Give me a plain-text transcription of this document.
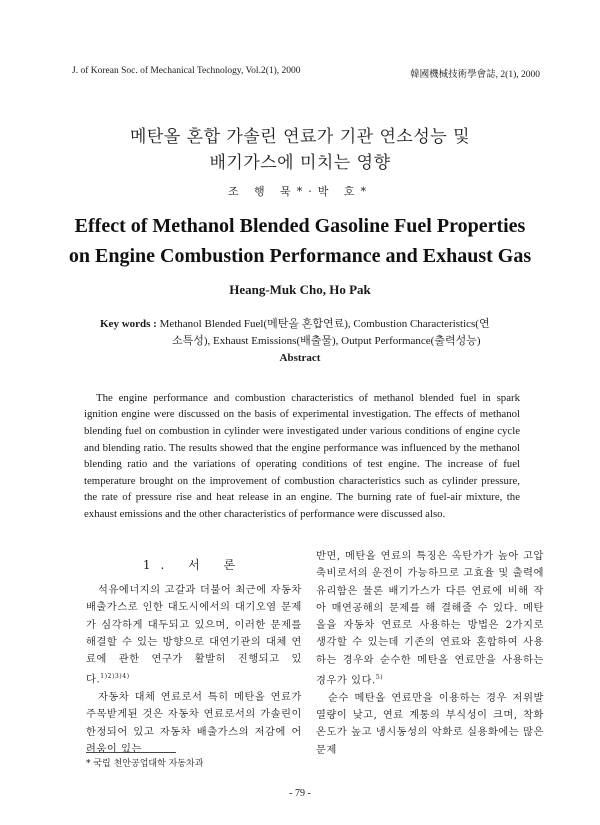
J. of Korean Soc. of Mechanical Technology, Vol.2(1), 2000	韓國機械技術學會誌, 2(1), 2000
메탄올 혼합 가솔린 연료가 기관 연소성능 및
배기가스에 미치는 영향
조 행 묵*·박 호*
Effect of Methanol Blended Gasoline Fuel Properties
on Engine Combustion Performance and Exhaust Gas
Heang-Muk Cho, Ho Pak
Key words : Methanol Blended Fuel(메탄올 혼합연료), Combustion Characteristics(연
소특성), Exhaust Emissions(배출물), Output Performance(출력성능)
Abstract

The engine performance and combustion characteristics of methanol blended fuel in spark ignition engine were discussed on the basis of experimental investigation. The effects of methanol blending fuel on combustion in cylinder were investigated under various conditions of engine cycle and blending ratio. The results showed that the engine performance was influenced by the methanol blending ratio and the variations of operating conditions of test engine. The increase of fuel temperature brought on the improvement of combustion characteristics such as cylinder pressure, the rate of pressure rise and heat release in an engine. The burning rate of fuel-air mixture, the exhaust emissions and the other characteristics of performance were discussed also.

1. 서 론

석유에너지의 고갈과 더불어 최근에 자동차 배출가스로 인한 대도시에서의 대기오염 문제가 심각하게 대두되고 있으며, 이러한 문제를 해결할 수 있는 방향으로 대연기관의 대체 연료에 관한 연구가 활발히 진행되고 있다.$^{1)2)3)4)}$

자동차 대체 연료로서 특히 메탄올 연료가 주목받게된 것은 자동차 연료로서의 가솔린이 한정되어 있고 자동차 배출가스의 저감에 어려움이 있는

반면, 메탄올 연료의 특징은 옥탄가가 높아 고압축비로서의 운전이 가능하므로 고효율 및 출력에 유리함은 물론 배기가스가 다른 연료에 비해 작아 매연공해의 문제를 해 결해줄 수 있다. 메탄올을 자동차 연료로 사용하는 방법은 2가지로 생각할 수 있는데 기존의 연료와 혼합하여 사용하는 경우와 순수한 메탄올 연료만을 사용하는 경우가 있다.$^{5)}$

순수 메탄올 연료만을 이용하는 경우 저위발열량이 낮고, 연료 계통의 부식성이 크며, 착화 온도가 높고 냉시동성의 악화로 실용화에는 많은 문제

* 국립 천안공업대학 자동차과
- 79 -
